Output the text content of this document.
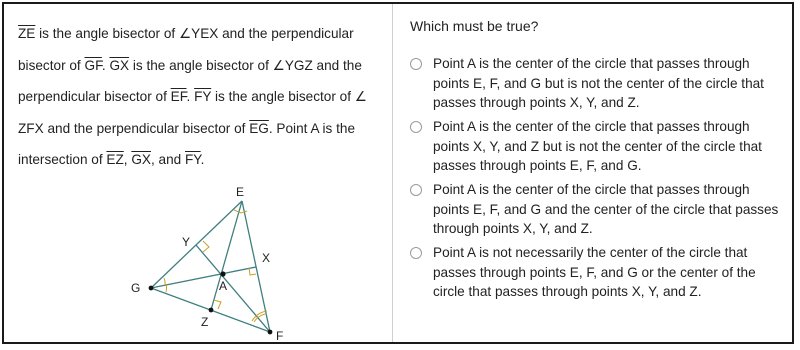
$\overline{ZE}$ is the angle bisector of ∠YEX and the perpendicular bisector of $\overline{GF}$. $\overline{GX}$ is the angle bisector of ∠YGZ and the perpendicular bisector of $\overline{EF}$. $\overline{FY}$ is the angle bisector of ∠ ZFX and the perpendicular bisector of $\overline{EG}$. Point A is the intersection of $\overline{EZ}$, $\overline{GX}$, and $\overline{FY}$.

E
Y
X
G	A
Z
F

Which must be true?

Point A is the center of the circle that passes through points E, F, and G but is not the center of the circle that passes through points X, Y, and Z.
Point A is the center of the circle that passes through points X, Y, and Z but is not the center of the circle that passes through points E, F, and G.
Point A is the center of the circle that passes through points E, F, and G and the center of the circle that passes through points X, Y, and Z.
Point A is not necessarily the center of the circle that passes through points E, F, and G or the center of the circle that passes through points X, Y, and Z.
